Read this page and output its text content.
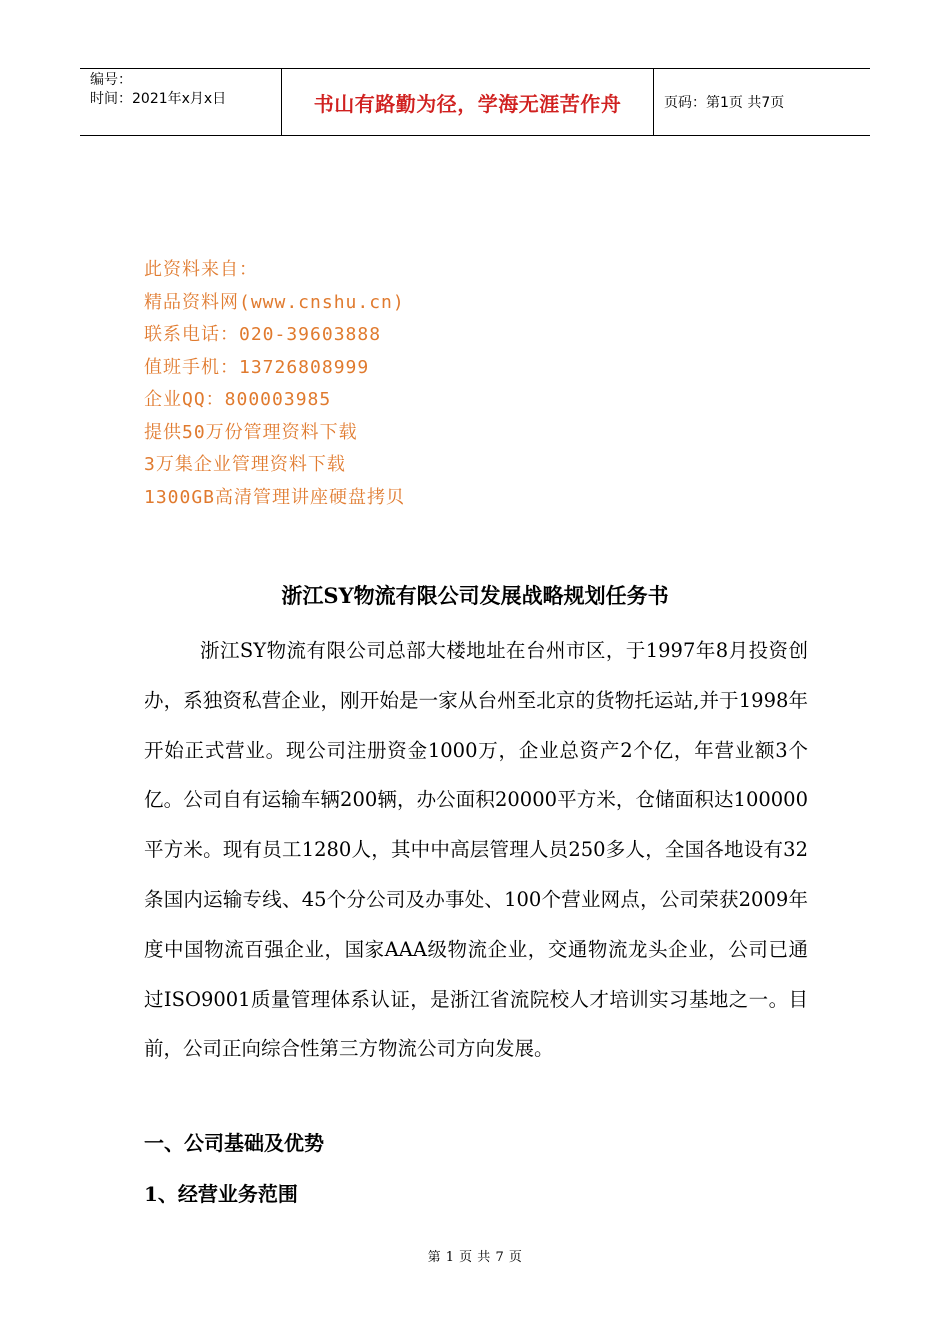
编号：
时间：2021年x月x日	书山有路勤为径，学海无涯苦作舟	页码：第1页 共7页
此资料来自：
精品资料网(www.cnshu.cn)
联系电话：020-39603888
值班手机：13726808999
企业QQ：800003985
提供50万份管理资料下载
3万集企业管理资料下载
1300GB高清管理讲座硬盘拷贝
浙江SY物流有限公司发展战略规划任务书

浙江SY物流有限公司总部大楼地址在台州市区，于1997年8月投资创办，系独资私营企业，刚开始是一家从台州至北京的货物托运站,并于1998年开始正式营业。现公司注册资金1000万，企业总资产2个亿，年营业额3个亿。公司自有运输车辆200辆，办公面积20000平方米，仓储面积达100000平方米。现有员工1280人，其中中高层管理人员250多人，全国各地设有32条国内运输专线、45个分公司及办事处、100个营业网点，公司荣获2009年度中国物流百强企业，国家AAA级物流企业，交通物流龙头企业，公司已通过ISO9001质量管理体系认证，是浙江省流院校人才培训实习基地之一。目前，公司正向综合性第三方物流公司方向发展。

一、公司基础及优势
1、经营业务范围
第 1 页 共 7 页
